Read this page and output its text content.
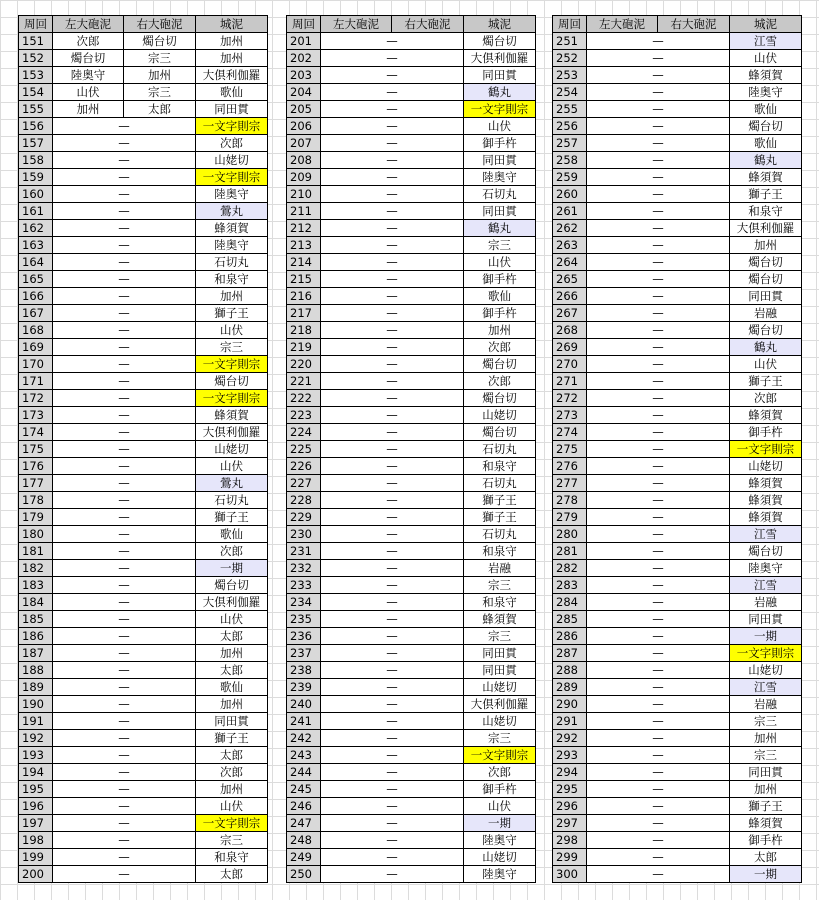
周回	左大砲泥	右大砲泥	城泥
151	次郎	燭台切	加州
152	燭台切	宗三	加州
153	陸奥守	加州	大倶利伽羅
154	山伏	宗三	歌仙
155	加州	太郎	同田貫
156	—		一文字則宗
157	—		次郎
158	—		山姥切
159	—		一文字則宗
160	—		陸奥守
161	—		鶯丸
162	—		蜂須賀
163	—		陸奥守
164	—		石切丸
165	—		和泉守
166	—		加州
167	—		獅子王
168	—		山伏
169	—		宗三
170	—		一文字則宗
171	—		燭台切
172	—		一文字則宗
173	—		蜂須賀
174	—		大倶利伽羅
175	—		山姥切
176	—		山伏
177	—		鶯丸
178	—		石切丸
179	—		獅子王
180	—		歌仙
181	—		次郎
182	—		一期
183	—		燭台切
184	—		大倶利伽羅
185	—		山伏
186	—		太郎
187	—		加州
188	—		太郎
189	—		歌仙
190	—		加州
191	—		同田貫
192	—		獅子王
193	—		太郎
194	—		次郎
195	—		加州
196	—		山伏
197	—		一文字則宗
198	—		宗三
199	—		和泉守
200	—		太郎
周回	左大砲泥	右大砲泥	城泥
201	—		燭台切
202	—		大倶利伽羅
203	—		同田貫
204	—		鶴丸
205	—		一文字則宗
206	—		山伏
207	—		御手杵
208	—		同田貫
209	—		陸奥守
210	—		石切丸
211	—		同田貫
212	—		鶴丸
213	—		宗三
214	—		山伏
215	—		御手杵
216	—		歌仙
217	—		御手杵
218	—		加州
219	—		次郎
220	—		燭台切
221	—		次郎
222	—		燭台切
223	—		山姥切
224	—		燭台切
225	—		石切丸
226	—		和泉守
227	—		石切丸
228	—		獅子王
229	—		獅子王
230	—		石切丸
231	—		和泉守
232	—		岩融
233	—		宗三
234	—		和泉守
235	—		蜂須賀
236	—		宗三
237	—		同田貫
238	—		同田貫
239	—		山姥切
240	—		大倶利伽羅
241	—		山姥切
242	—		宗三
243	—		一文字則宗
244	—		次郎
245	—		御手杵
246	—		山伏
247	—		一期
248	—		陸奥守
249	—		山姥切
250	—		陸奥守
周回	左大砲泥	右大砲泥	城泥
251	—		江雪
252	—		山伏
253	—		蜂須賀
254	—		陸奥守
255	—		歌仙
256	—		燭台切
257	—		歌仙
258	—		鶴丸
259	—		蜂須賀
260	—		獅子王
261	—		和泉守
262	—		大倶利伽羅
263	—		加州
264	—		燭台切
265	—		燭台切
266	—		同田貫
267	—		岩融
268	—		燭台切
269	—		鶴丸
270	—		山伏
271	—		獅子王
272	—		次郎
273	—		蜂須賀
274	—		御手杵
275	—		一文字則宗
276	—		山姥切
277	—		蜂須賀
278	—		蜂須賀
279	—		蜂須賀
280	—		江雪
281	—		燭台切
282	—		陸奥守
283	—		江雪
284	—		岩融
285	—		同田貫
286	—		一期
287	—		一文字則宗
288	—		山姥切
289	—		江雪
290	—		岩融
291	—		宗三
292	—		加州
293	—		宗三
294	—		同田貫
295	—		加州
296	—		獅子王
297	—		蜂須賀
298	—		御手杵
299	—		太郎
300	—		一期
